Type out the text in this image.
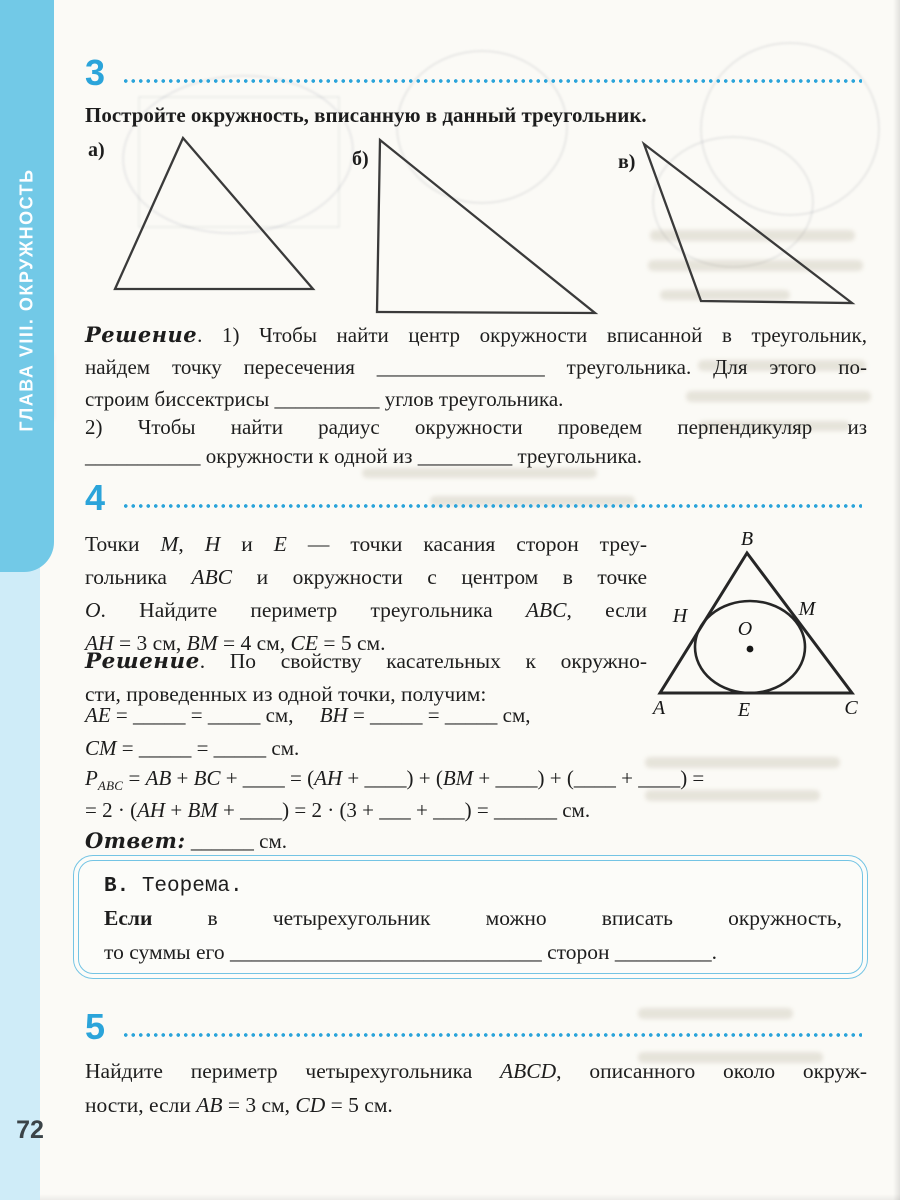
ГЛАВА VIII. ОКРУЖНОСТЬ
72
3
Постройте окружность, вписанную в данный треугольник.
а)	б)	в)
Решение. 1) Чтобы найти центр окружности вписанной в треугольник,
найдем точку пересечения ________________ треугольника. Для этого по-
строим биссектрисы __________ углов треугольника.
2) Чтобы найти радиус окружности проведем перпендикуляр из
___________ окружности к одной из _________ треугольника.
4
Точки M, H и E — точки касания сторон треу-
гольника ABC и окружности с центром в точке
O. Найдите периметр треугольника ABC, если
AH = 3 см, BM = 4 см, CE = 5 см.
Решение. По свойству касательных к окружно-
сти, проведенных из одной точки, получим:
B
H	M
O
A	E	C
AE = _____ = _____ см,  BH = _____ = _____ см,
CM = _____ = _____ см.
$P_{ABC}$ = AB + BC + ____ = (AH + ____) + (BM + ____) + (____ + ____) =
= 2 · (AH + BM + ____) = 2 · (3 + ___ + ___) = ______ см.
Ответ: ______ см.
В. Теорема.
Если в четырехугольник можно вписать окружность,
то суммы его _____________________________ сторон _________.
5
Найдите периметр четырехугольника ABCD, описанного около окруж-
ности, если AB = 3 см, CD = 5 см.
